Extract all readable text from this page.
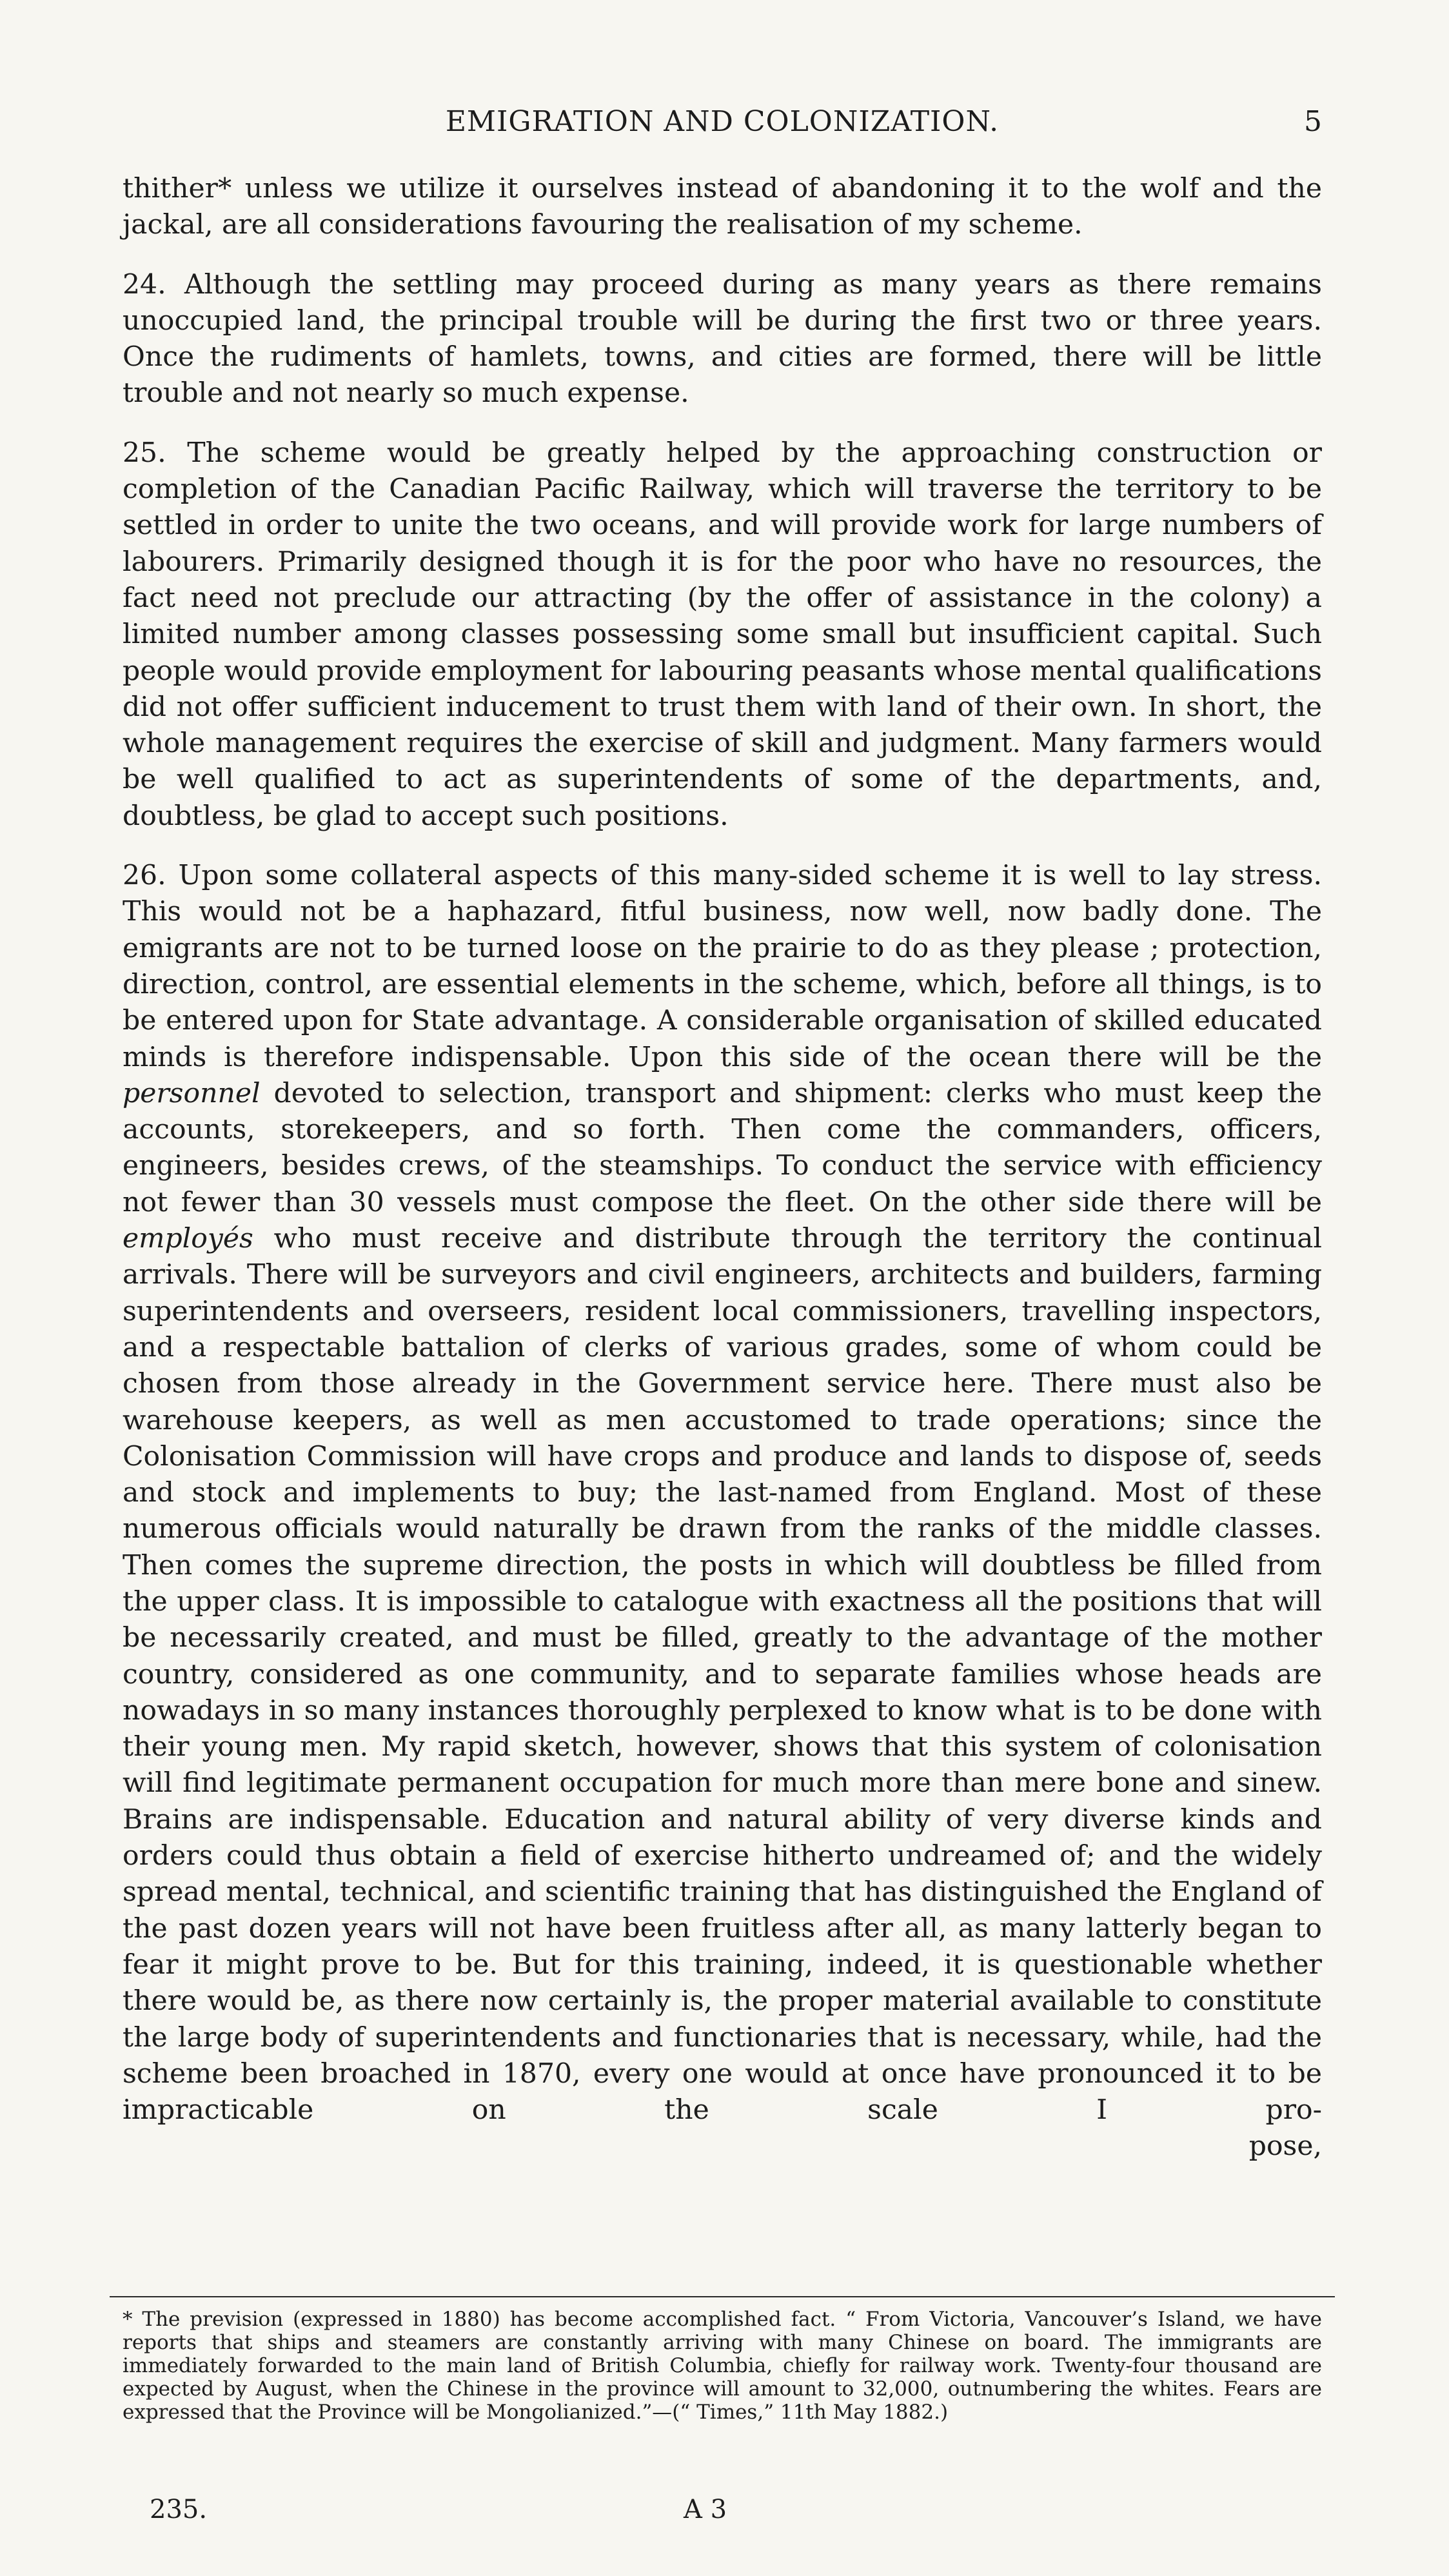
EMIGRATION AND COLONIZATION.	5

thither* unless we utilize it ourselves instead of abandoning it to the wolf and the jackal, are all considerations favouring the realisation of my scheme.

24. Although the settling may proceed during as many years as there remains unoccupied land, the principal trouble will be during the first two or three years. Once the rudiments of hamlets, towns, and cities are formed, there will be little trouble and not nearly so much expense.

25. The scheme would be greatly helped by the approaching construction or completion of the Canadian Pacific Railway, which will traverse the territory to be settled in order to unite the two oceans, and will provide work for large numbers of labourers. Primarily designed though it is for the poor who have no resources, the fact need not preclude our attracting (by the offer of assistance in the colony) a limited number among classes possessing some small but insufficient capital. Such people would provide employment for labouring peasants whose mental qualifications did not offer sufficient inducement to trust them with land of their own. In short, the whole management requires the exercise of skill and judgment. Many farmers would be well qualified to act as superintendents of some of the departments, and, doubtless, be glad to accept such positions.

26. Upon some collateral aspects of this many-sided scheme it is well to lay stress. This would not be a haphazard, fitful business, now well, now badly done. The emigrants are not to be turned loose on the prairie to do as they please ; protection, direction, control, are essential elements in the scheme, which, before all things, is to be entered upon for State advantage. A considerable organisation of skilled educated minds is therefore indispensable. Upon this side of the ocean there will be the personnel devoted to selection, transport and shipment: clerks who must keep the accounts, storekeepers, and so forth. Then come the commanders, officers, engineers, besides crews, of the steamships. To conduct the service with efficiency not fewer than 30 vessels must compose the fleet. On the other side there will be employés who must receive and distribute through the territory the continual arrivals. There will be surveyors and civil engineers, architects and builders, farming superintendents and overseers, resident local commissioners, travelling inspectors, and a respectable battalion of clerks of various grades, some of whom could be chosen from those already in the Government service here. There must also be warehouse keepers, as well as men accustomed to trade operations; since the Colonisation Commission will have crops and produce and lands to dispose of, seeds and stock and implements to buy; the last-named from England. Most of these numerous officials would naturally be drawn from the ranks of the middle classes. Then comes the supreme direction, the posts in which will doubtless be filled from the upper class. It is impossible to catalogue with exactness all the positions that will be necessarily created, and must be filled, greatly to the advantage of the mother country, considered as one community, and to separate families whose heads are nowadays in so many instances thoroughly perplexed to know what is to be done with their young men. My rapid sketch, however, shows that this system of colonisation will find legitimate permanent occupation for much more than mere bone and sinew. Brains are indispensable. Education and natural ability of very diverse kinds and orders could thus obtain a field of exercise hitherto undreamed of; and the widely spread mental, technical, and scientific training that has distinguished the England of the past dozen years will not have been fruitless after all, as many latterly began to fear it might prove to be. But for this training, indeed, it is questionable whether there would be, as there now certainly is, the proper material available to constitute the large body of superintendents and functionaries that is necessary, while, had the scheme been broached in 1870, every one would at once have pronounced it to be impracticable on the scale I pro-

pose,

* The prevision (expressed in 1880) has become accomplished fact. “ From Victoria, Vancouver’s Island, we have reports that ships and steamers are constantly arriving with many Chinese on board. The immigrants are immediately forwarded to the main land of British Columbia, chiefly for railway work. Twenty-four thousand are expected by August, when the Chinese in the province will amount to 32,000, outnumbering the whites. Fears are expressed that the Province will be Mongolianized.”—(“ Times,” 11th May 1882.)

235.	A 3
